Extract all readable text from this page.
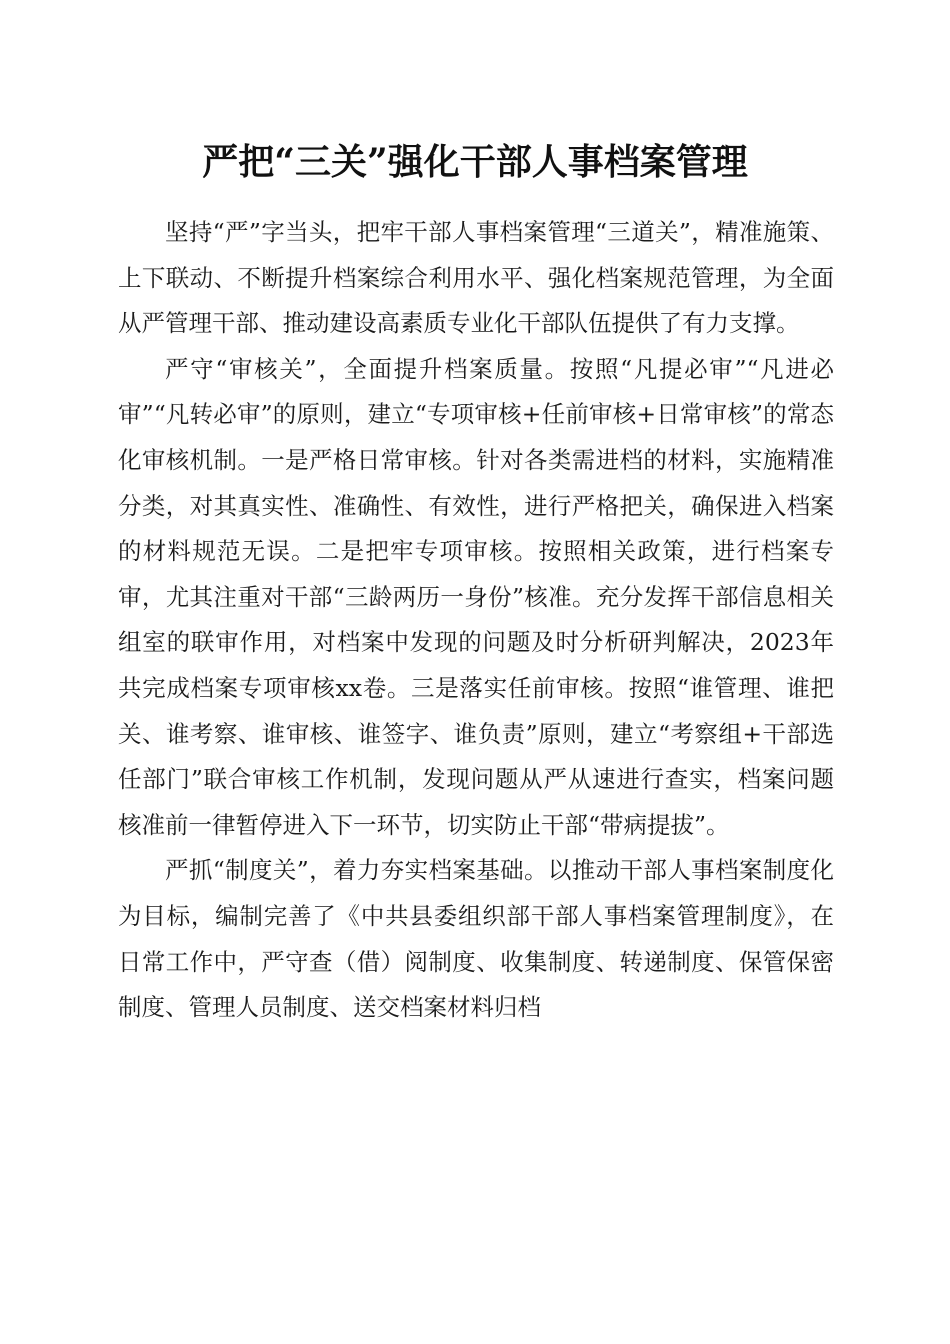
严把“三关”强化干部人事档案管理

坚持“严”字当头，把牢干部人事档案管理“三道关”，精准施策、上下联动、不断提升档案综合利用水平、强化档案规范管理，为全面从严管理干部、推动建设高素质专业化干部队伍提供了有力支撑。

严守“审核关”，全面提升档案质量。按照“凡提必审”“凡进必审”“凡转必审”的原则，建立“专项审核+任前审核+日常审核”的常态化审核机制。一是严格日常审核。针对各类需进档的材料，实施精准分类，对其真实性、准确性、有效性，进行严格把关，确保进入档案的材料规范无误。二是把牢专项审核。按照相关政策，进行档案专审，尤其注重对干部“三龄两历一身份”核准。充分发挥干部信息相关组室的联审作用，对档案中发现的问题及时分析研判解决，2023年共完成档案专项审核xx卷。三是落实任前审核。按照“谁管理、谁把关、谁考察、谁审核、谁签字、谁负责”原则，建立“考察组+干部选任部门”联合审核工作机制，发现问题从严从速进行查实，档案问题核准前一律暂停进入下一环节，切实防止干部“带病提拔”。

严抓“制度关”，着力夯实档案基础。以推动干部人事档案制度化为目标，编制完善了《中共县委组织部干部人事档案管理制度》，在日常工作中，严守查（借）阅制度、收集制度、转递制度、保管保密制度、管理人员制度、送交档案材料归档
